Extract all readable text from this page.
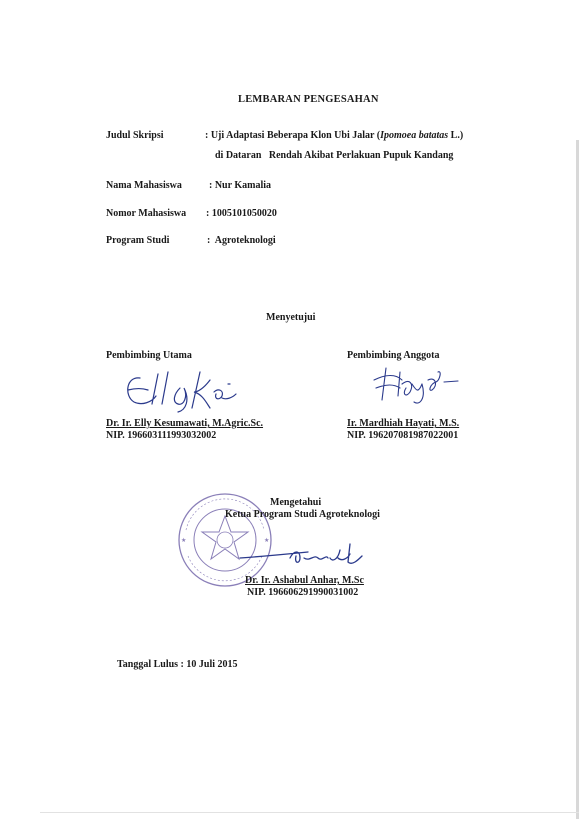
LEMBARAN PENGESAHAN
Judul Skripsi	: Uji Adaptasi Beberapa Klon Ubi Jalar (Ipomoea batatas L.)
di Dataran   Rendah Akibat Perlakuan Pupuk Kandang
Nama Mahasiswa	: Nur Kamalia
Nomor Mahasiswa : 1005101050020
Program Studi	:  Agroteknologi
Menyetujui
Pembimbing Utama
Dr. Ir. Elly Kesumawati, M.Agric.Sc.
NIP. 196603111993032002
Pembimbing Anggota
Ir. Mardhiah Hayati, M.S.
NIP. 196207081987022001
★	★
Mengetahui
Ketua Program Studi Agroteknologi
Dr. Ir. Ashabul Anhar, M.Sc
NIP. 196606291990031002
Tanggal Lulus : 10 Juli 2015
